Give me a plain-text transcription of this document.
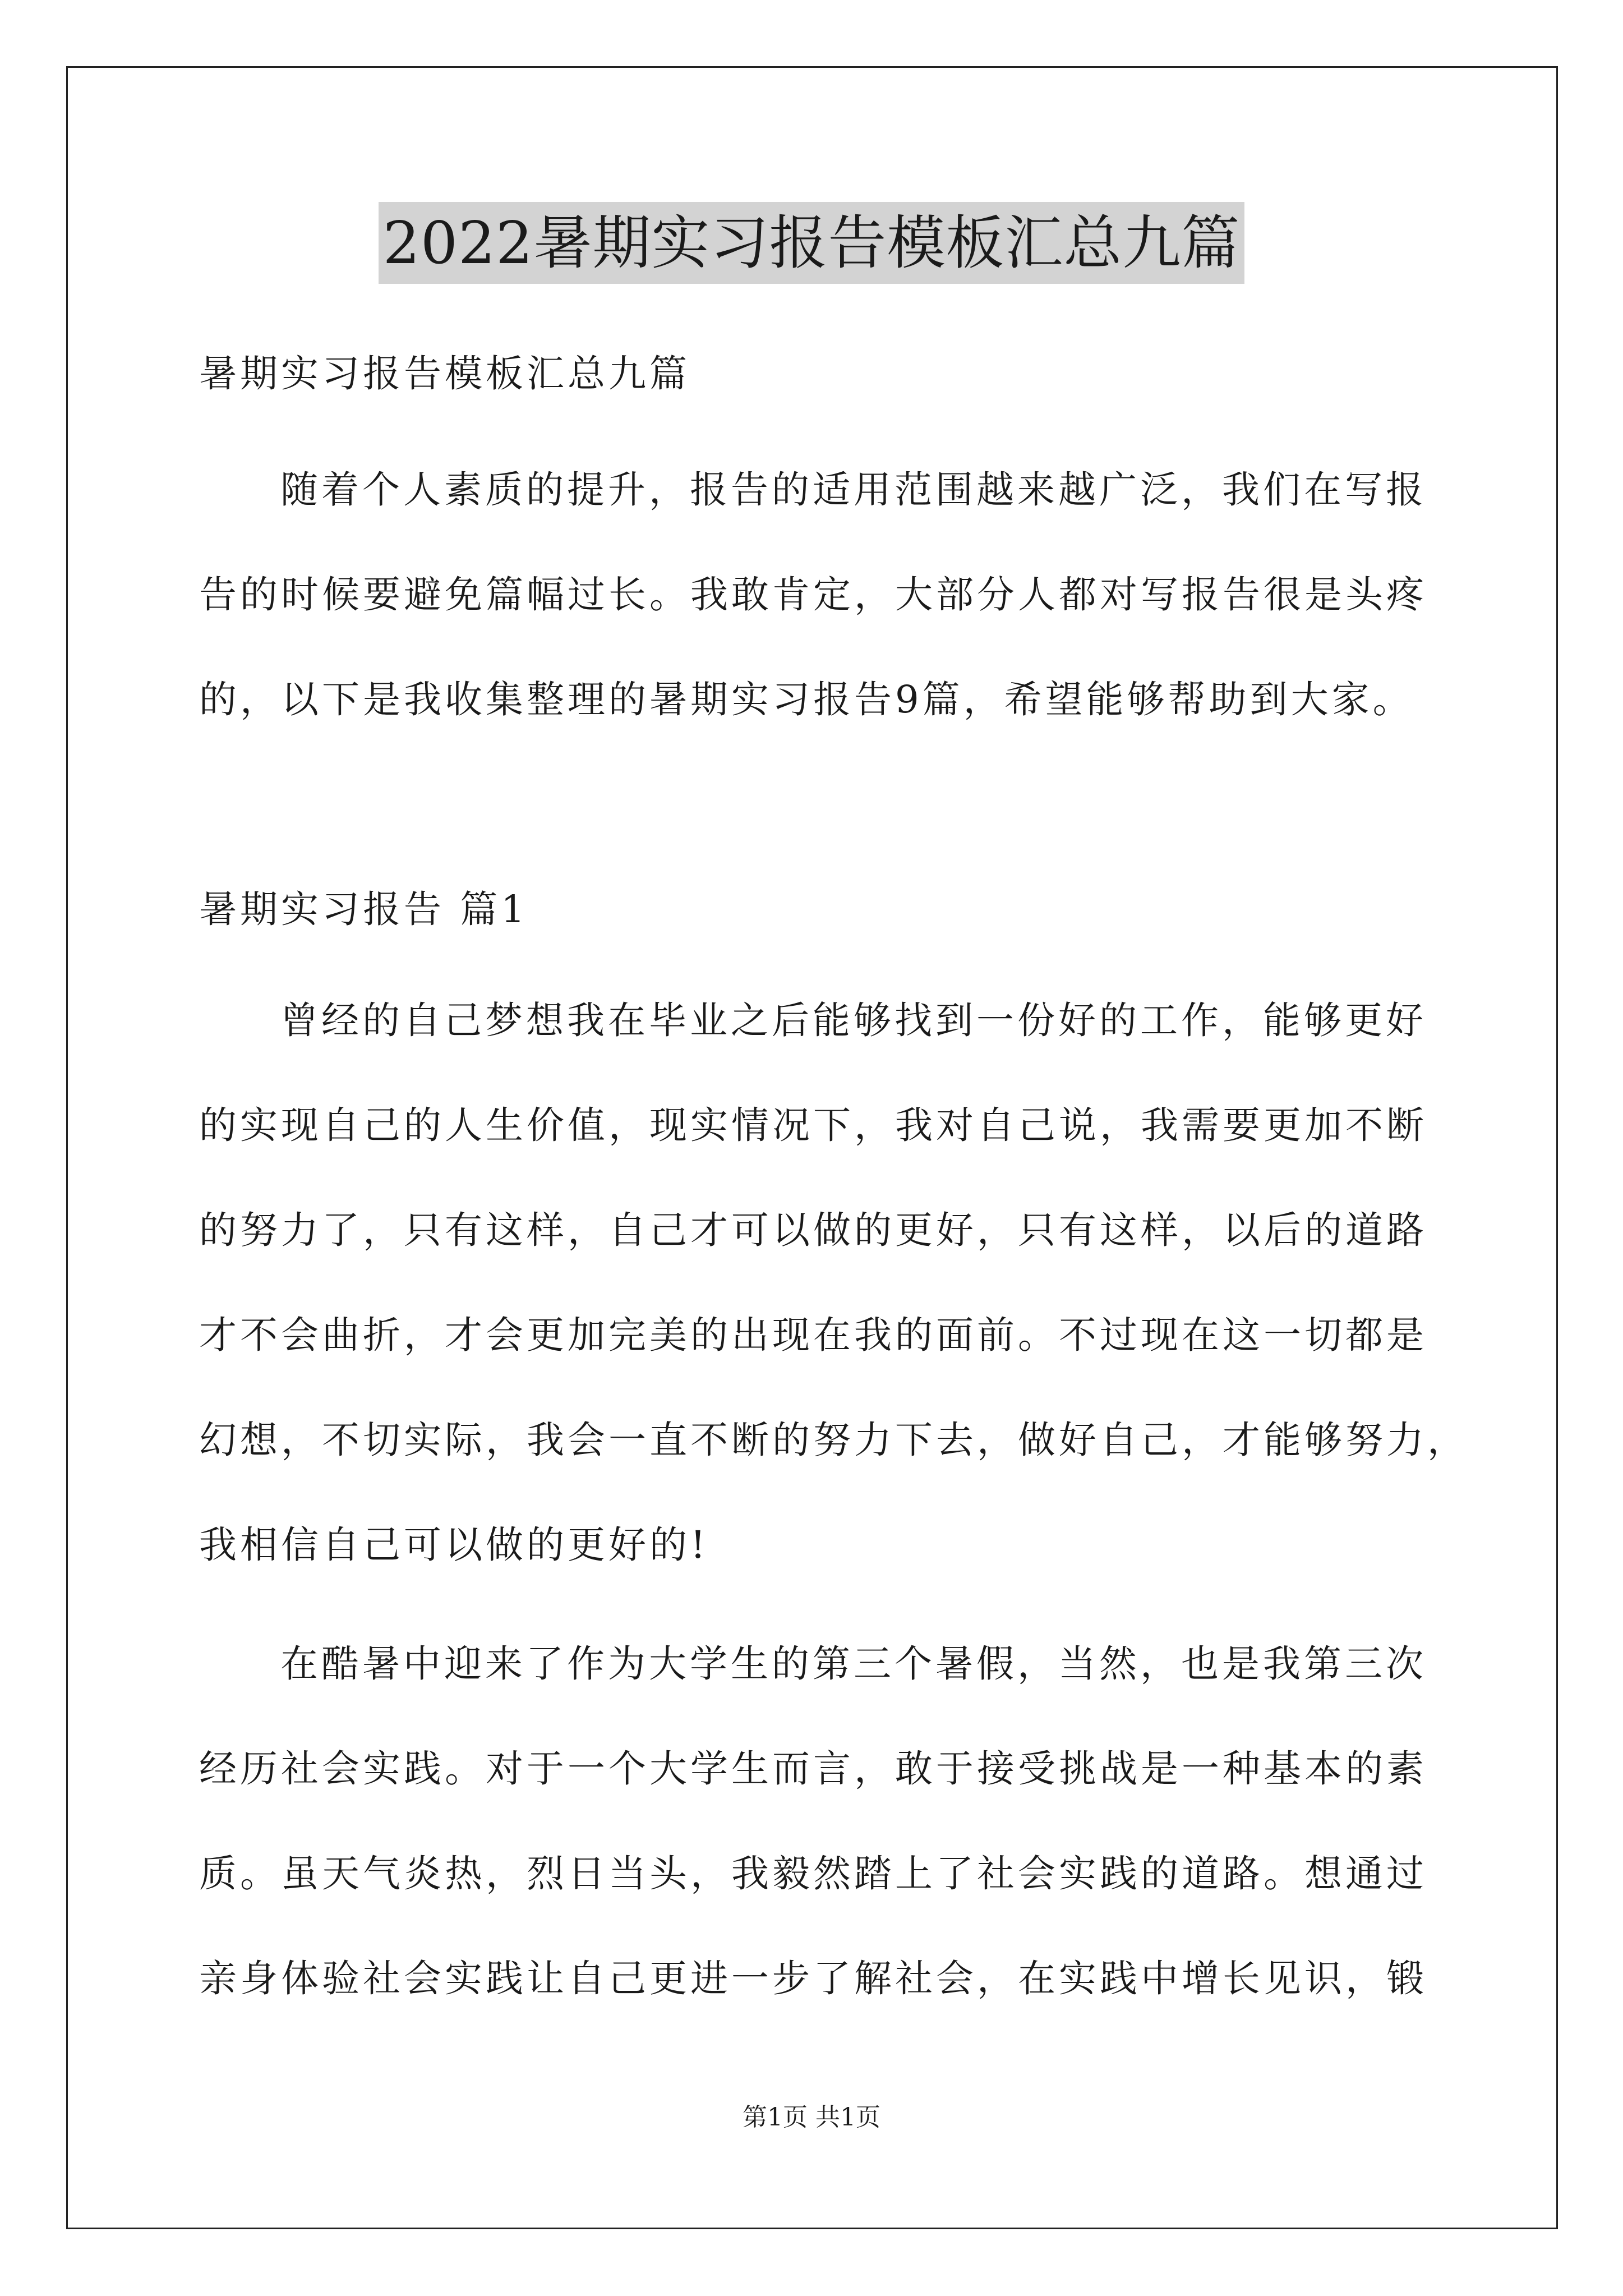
2022暑期实习报告模板汇总九篇
暑期实习报告模板汇总九篇
随着个人素质的提升，报告的适用范围越来越广泛，我们在写报
告的时候要避免篇幅过长。我敢肯定，大部分人都对写报告很是头疼
的，以下是我收集整理的暑期实习报告9篇，希望能够帮助到大家。
暑期实习报告 篇1
曾经的自己梦想我在毕业之后能够找到一份好的工作，能够更好
的实现自己的人生价值，现实情况下，我对自己说，我需要更加不断
的努力了，只有这样，自己才可以做的更好，只有这样，以后的道路
才不会曲折，才会更加完美的出现在我的面前。不过现在这一切都是
幻想，不切实际，我会一直不断的努力下去，做好自己，才能够努力，
我相信自己可以做的更好的!
在酷暑中迎来了作为大学生的第三个暑假，当然，也是我第三次
经历社会实践。对于一个大学生而言，敢于接受挑战是一种基本的素
质。虽天气炎热，烈日当头，我毅然踏上了社会实践的道路。想通过
亲身体验社会实践让自己更进一步了解社会，在实践中增长见识，锻
第1页 共1页
